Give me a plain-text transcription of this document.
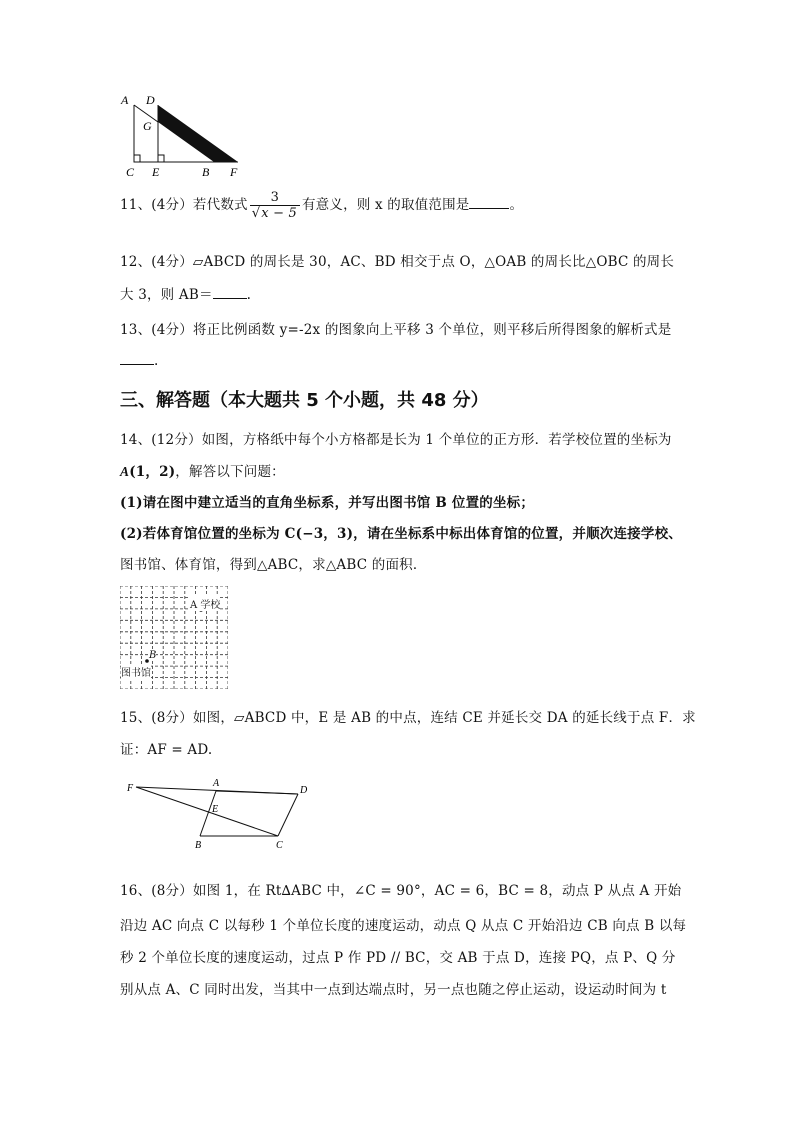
A D
G
C E	B F
11、(4分）若代数式 $\frac{3}{√x - 5}$ 有意义，则 x 的取值范围是	。
12、(4分）▱ABCD 的周长是 30，AC、BD 相交于点 O，△OAB 的周长比△OBC 的周长
大 3，则 AB＝	.
13、(4分）将正比例函数 y=-2x 的图象向上平移 3 个单位，则平移后所得图象的解析式是
.
三、解答题（本大题共 5 个小题，共 48 分）
14、(12分）如图，方格纸中每个小方格都是长为 1 个单位的正方形．若学校位置的坐标为
A(1，2)，解答以下问题：
(1)请在图中建立适当的直角坐标系，并写出图书馆 B 位置的坐标；
(2)若体育馆位置的坐标为 C(−3，3)，请在坐标系中标出体育馆的位置，并顺次连接学校、
图书馆、体育馆，得到△ABC，求△ABC 的面积．
A 学校
B
图书馆
15、(8分）如图，▱ABCD 中，E 是 AB 的中点，连结 CE 并延长交 DA 的延长线于点 F．求
证：AF = AD.
F	A
D
E
B	C
16、(8分）如图 1，在 Rt∆ABC 中，∠C = 90°，AC = 6，BC = 8，动点 P 从点 A 开始
沿边 AC 向点 C 以每秒 1 个单位长度的速度运动，动点 Q 从点 C 开始沿边 CB 向点 B 以每
秒 2 个单位长度的速度运动，过点 P 作 PD // BC，交 AB 于点 D，连接 PQ，点 P、Q 分
别从点 A、C 同时出发，当其中一点到达端点时，另一点也随之停止运动，设运动时间为 t
